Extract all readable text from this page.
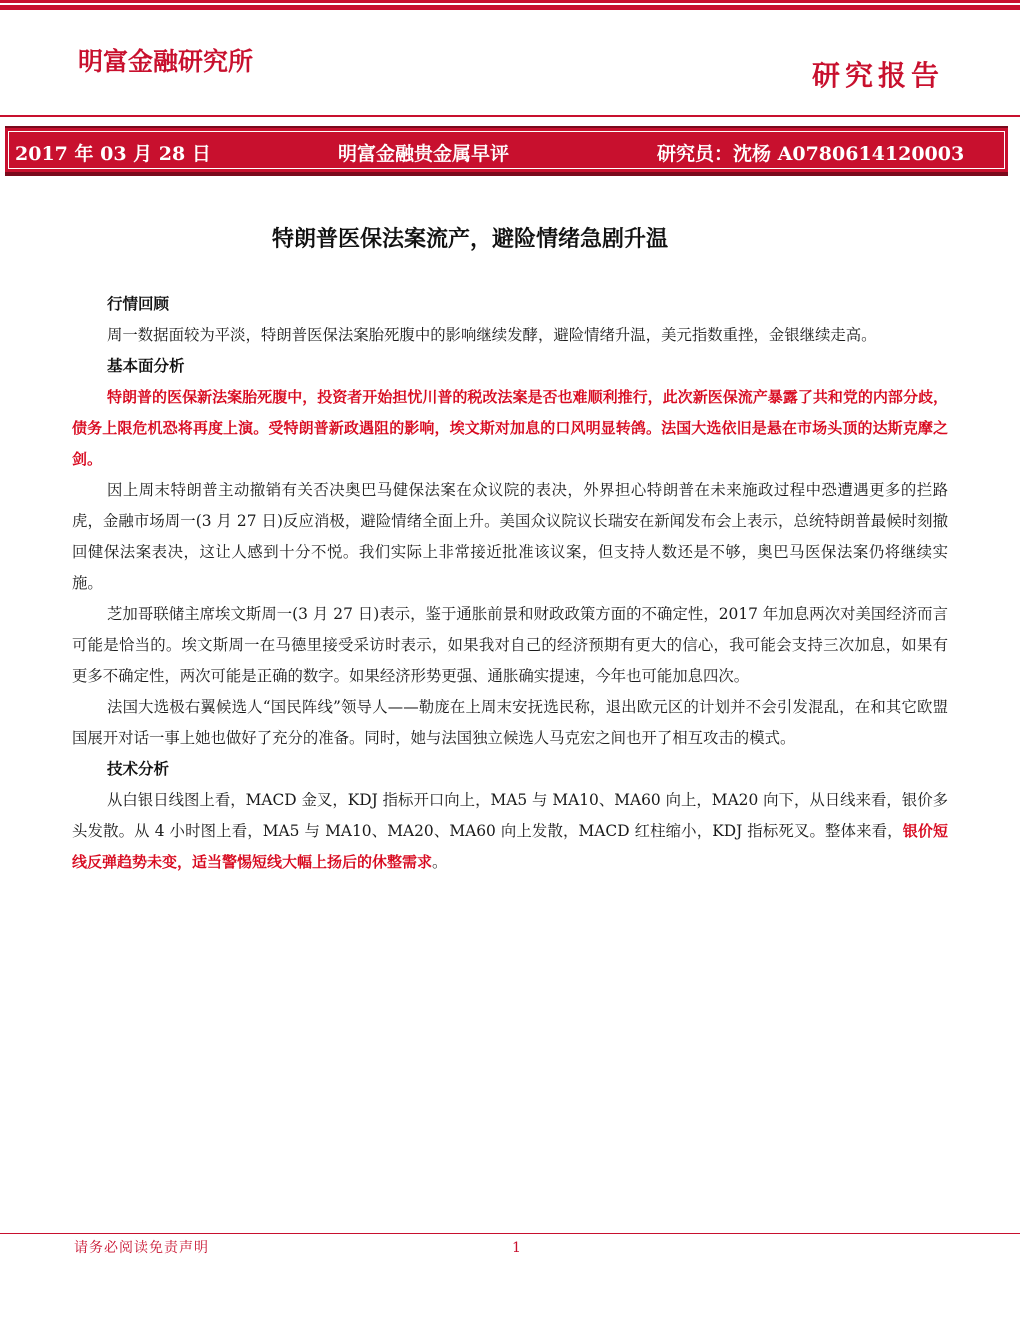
明富金融研究所	研究报告
2017 年 03 月 28 日	明富金融贵金属早评	研究员：沈杨 A0780614120003
特朗普医保法案流产，避险情绪急剧升温
行情回顾

周一数据面较为平淡，特朗普医保法案胎死腹中的影响继续发酵，避险情绪升温，美元指数重挫，金银继续走高。

基本面分析

特朗普的医保新法案胎死腹中，投资者开始担忧川普的税改法案是否也难顺利推行，此次新医保流产暴露了共和党的内部分歧，债务上限危机恐将再度上演。受特朗普新政遇阻的影响，埃文斯对加息的口风明显转鸽。法国大选依旧是悬在市场头顶的达斯克摩之剑。

因上周末特朗普主动撤销有关否决奥巴马健保法案在众议院的表决，外界担心特朗普在未来施政过程中恐遭遇更多的拦路虎，金融市场周一(3 月 27 日)反应消极，避险情绪全面上升。美国众议院议长瑞安在新闻发布会上表示，总统特朗普最候时刻撤回健保法案表决，这让人感到十分不悦。我们实际上非常接近批准该议案，但支持人数还是不够，奥巴马医保法案仍将继续实施。

芝加哥联储主席埃文斯周一(3 月 27 日)表示，鉴于通胀前景和财政政策方面的不确定性，2017 年加息两次对美国经济而言可能是恰当的。埃文斯周一在马德里接受采访时表示，如果我对自己的经济预期有更大的信心，我可能会支持三次加息，如果有更多不确定性，两次可能是正确的数字。如果经济形势更强、通胀确实提速，今年也可能加息四次。

法国大选极右翼候选人“国民阵线”领导人——勒庞在上周末安抚选民称，退出欧元区的计划并不会引发混乱，在和其它欧盟国展开对话一事上她也做好了充分的准备。同时，她与法国独立候选人马克宏之间也开了相互攻击的模式。

技术分析

从白银日线图上看，MACD 金叉，KDJ 指标开口向上，MA5 与 MA10、MA60 向上，MA20 向下，从日线来看，银价多头发散。从 4 小时图上看，MA5 与 MA10、MA20、MA60 向上发散，MACD 红柱缩小，KDJ 指标死叉。整体来看，银价短线反弹趋势未变，适当警惕短线大幅上扬后的休整需求。

请务必阅读免责声明	1
